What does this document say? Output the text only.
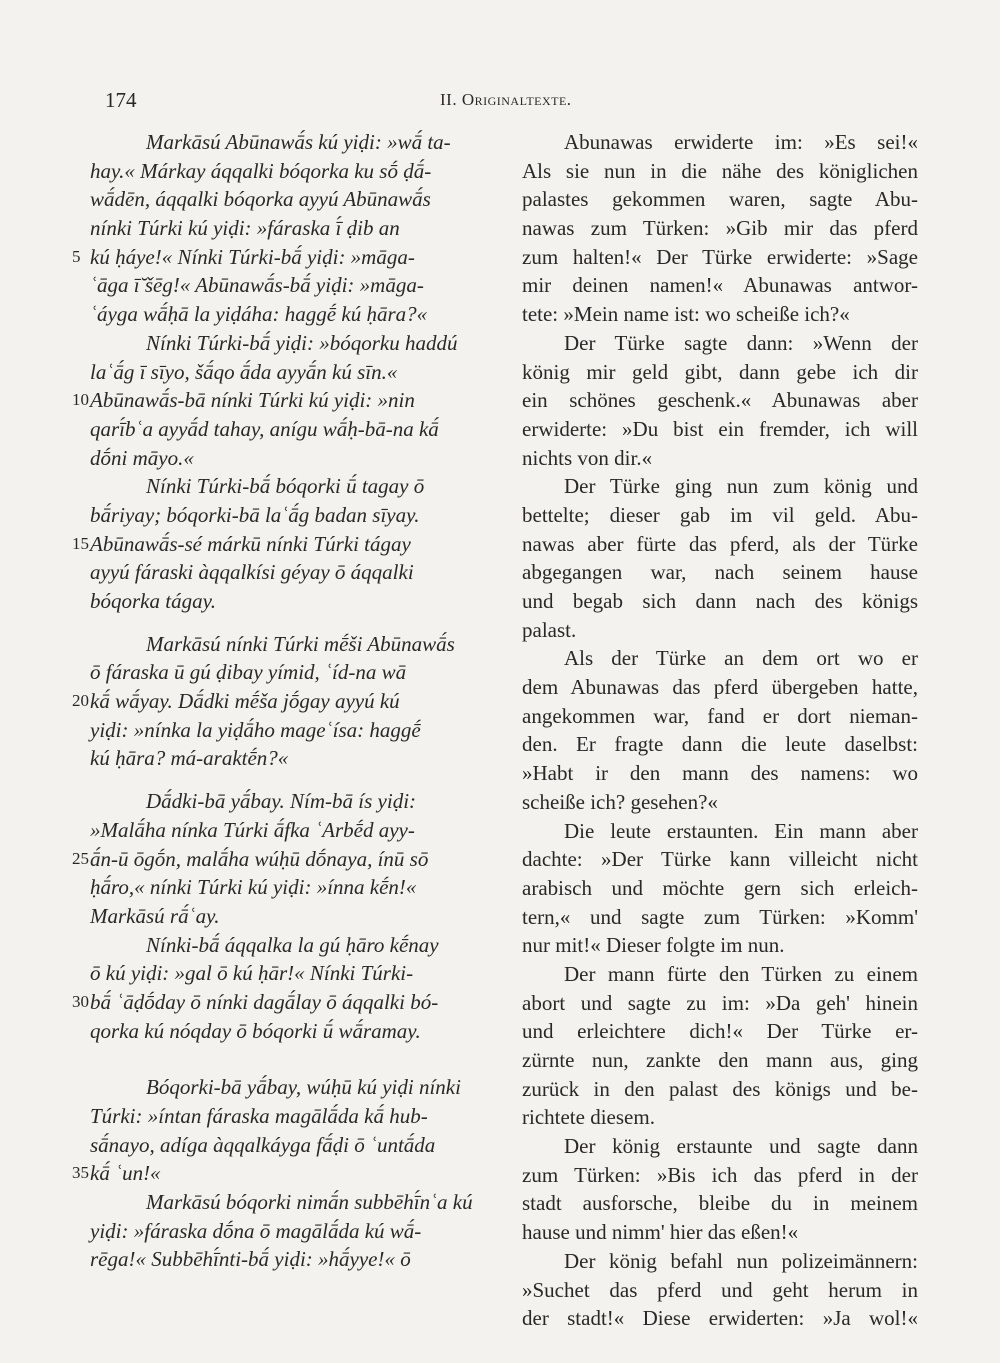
174	II. Originaltexte.
Markāsú Abūnawā́s kú yiḍi: »wā́ ta-
hay.« Márkay áqqalki bóqorka ku sṓ ḍā́-
wā́dēn, áqqalki bóqorka ayyú Abūnawā́s
nínki Túrki kú yiḍi: »fáraska ī́ ḍib an
5 kú ḥáye!« Nínki Túrki-bā́ yiḍi: »māga-
ʿāga ī̆ šēg!« Abūnawā́s-bā́ yiḍi: »māga-
ʿáyga wā́ḥā la yiḍáha: haggḗ kú ḥāra?«
Nínki Túrki-bā́ yiḍi: »bóqorku haddú
laʿā́g ī sīyo, šā́qo ā́da ayyā́n kú sīn.«
10 Abūnawā́s-bā nínki Túrki kú yiḍi: »nin
qarī́bʿa ayyā́d tahay, anígu wā́ḥ-bā-na kā́
dṓni māyo.«
Nínki Túrki-bā́ bóqorki ū́ tagay ō
bā́riyay; bóqorki-bā laʿā́g badan sīyay.
15 Abūnawā́s-sé márkū nínki Túrki tágay
ayyú fáraski àqqalkísi géyay ō áqqalki
bóqorka tágay.
Markāsú nínki Túrki mḗši Abūnawā́s
ō fáraska ū gú ḍibay yímid, ʿíd-na wā
20 kā́ wā́yay. Dā́dki mḗša jṓgay ayyú kú
yiḍi: »nínka la yiḍā́ho mageʿísa: haggḗ
kú ḥāra? má-araktḗn?«
Dā́dki-bā yā́bay. Ním-bā ís yiḍi:
»Malā́ha nínka Túrki ā́fka ʿArbḗd ayy-
25 ā́n-ū ōgṓn, malā́ha wúḥū dṓnaya, ínū sō
ḥā́ro,« nínki Túrki kú yiḍi: »ínna kḗn!«
Markāsú rā́ʿay.
Nínki-bā́ áqqalka la gú ḥāro kḗnay
ō kú yiḍi: »gal ō kú ḥār!« Nínki Túrki-
30 bā́ ʿāḍṓday ō nínki dagā́lay ō áqqalki bó-
qorka kú nóqday ō bóqorki ū́ wā́ramay.
Bóqorki-bā yā́bay, wúḥū kú yiḍi nínki
Túrki: »íntan fáraska magālā́da kā́ hub-
sā́nayo, adíga àqqalkáyga fā́ḍi ō ʿuntā́da
35 kā́ ʿun!«
Markāsú bóqorki nimā́n subbēhī́nʿa kú
yiḍi: »fáraska dṓna ō magālā́da kú wā́-
rēga!« Subbēhī́nti-bā́ yiḍi: »hā́yye!« ō
Abunawas erwiderte im: »Es sei!«
Als sie nun in die nähe des königlichen
palastes gekommen waren, sagte Abu-
nawas zum Türken: »Gib mir das pferd
zum halten!« Der Türke erwiderte: »Sage
mir deinen namen!« Abunawas antwor-
tete: »Mein name ist: wo scheiße ich?«
Der Türke sagte dann: »Wenn der
könig mir geld gibt, dann gebe ich dir
ein schönes geschenk.« Abunawas aber
erwiderte: »Du bist ein fremder, ich will
nichts von dir.«
Der Türke ging nun zum könig und
bettelte; dieser gab im vil geld. Abu-
nawas aber fürte das pferd, als der Türke
abgegangen war, nach seinem hause
und begab sich dann nach des königs
palast.
Als der Türke an dem ort wo er
dem Abunawas das pferd übergeben hatte,
angekommen war, fand er dort nieman-
den. Er fragte dann die leute daselbst:
»Habt ir den mann des namens: wo
scheiße ich? gesehen?«
Die leute erstaunten. Ein mann aber
dachte: »Der Türke kann villeicht nicht
arabisch und möchte gern sich erleich-
tern,« und sagte zum Türken: »Komm'
nur mit!« Dieser folgte im nun.
Der mann fürte den Türken zu einem
abort und sagte zu im: »Da geh' hinein
und erleichtere dich!« Der Türke er-
zürnte nun, zankte den mann aus, ging
zurück in den palast des königs und be-
richtete diesem.
Der könig erstaunte und sagte dann
zum Türken: »Bis ich das pferd in der
stadt ausforsche, bleibe du in meinem
hause und nimm' hier das eßen!«
Der könig befahl nun polizeimännern:
»Suchet das pferd und geht herum in
der stadt!« Diese erwiderten: »Ja wol!«
